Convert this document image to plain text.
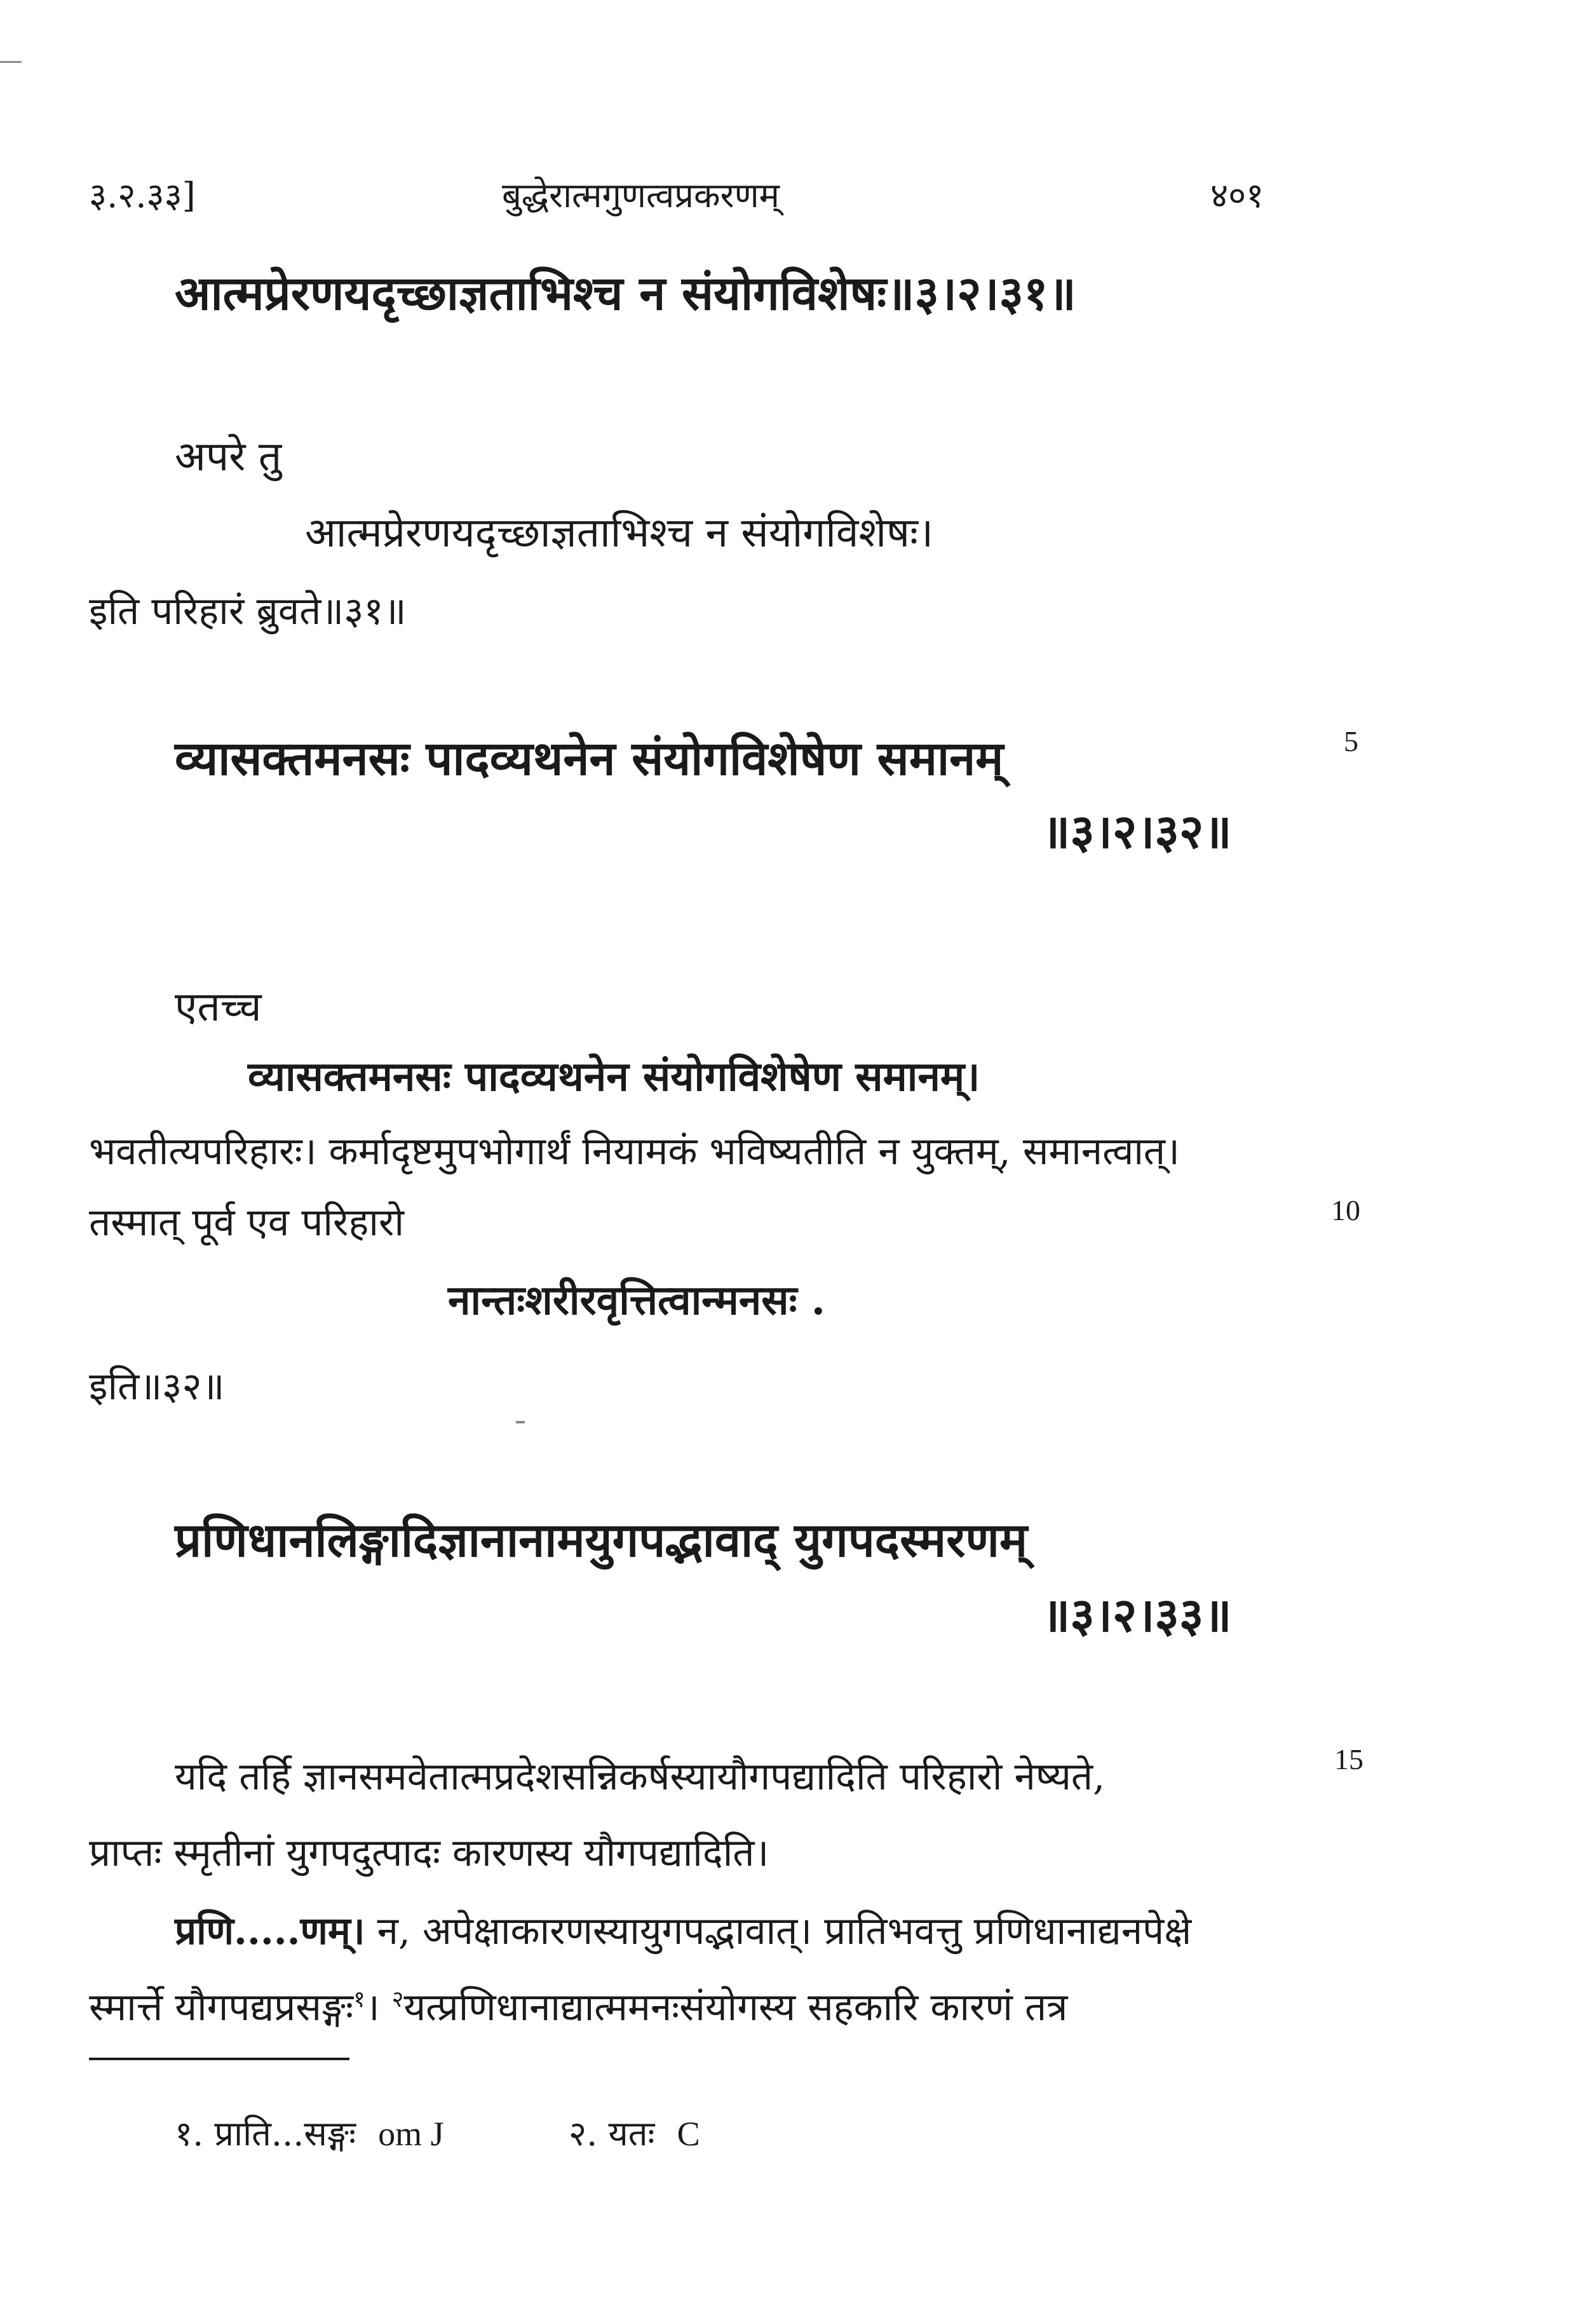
३.२.३३]	बुद्धेरात्मगुणत्वप्रकरणम्	४०१
आत्मप्रेरणयदृच्छाज्ञताभिश्च न संयोगविशेषः॥३।२।३१॥
अपरे तु
आत्मप्रेरणयदृच्छाज्ञताभिश्च न संयोगविशेषः।
इति परिहारं ब्रुवते॥३१॥
व्यासक्तमनसः पादव्यथनेन संयोगविशेषेण समानम्
॥३।२।३२॥
5
एतच्च
व्यासक्तमनसः पादव्यथनेन संयोगविशेषेण समानम्।
भवतीत्यपरिहारः। कर्मादृष्टमुपभोगार्थं नियामकं भविष्यतीति न युक्तम्, समानत्वात्।
तस्मात् पूर्व एव परिहारो	10
नान्तःशरीरवृत्तित्वान्मनसः .
इति॥३२॥
प्रणिधानलिङ्गादिज्ञानानामयुगपद्भावाद् युगपदस्मरणम्
॥३।२।३३॥
यदि तर्हि ज्ञानसमवेतात्मप्रदेशसन्निकर्षस्यायौगपद्यादिति परिहारो नेष्यते,	15
प्राप्तः स्मृतीनां युगपदुत्पादः कारणस्य यौगपद्यादिति।
प्रणि.....णम्। न, अपेक्षाकारणस्यायुगपद्भावात्। प्रातिभवत्तु प्रणिधानाद्यनपेक्षे
स्मार्त्ते यौगपद्यप्रसङ्गः$^१$। $^२$यत्प्रणिधानाद्यात्ममनःसंयोगस्य सहकारि कारणं तत्र
१. प्राति...सङ्गः om J	२. यतः C
